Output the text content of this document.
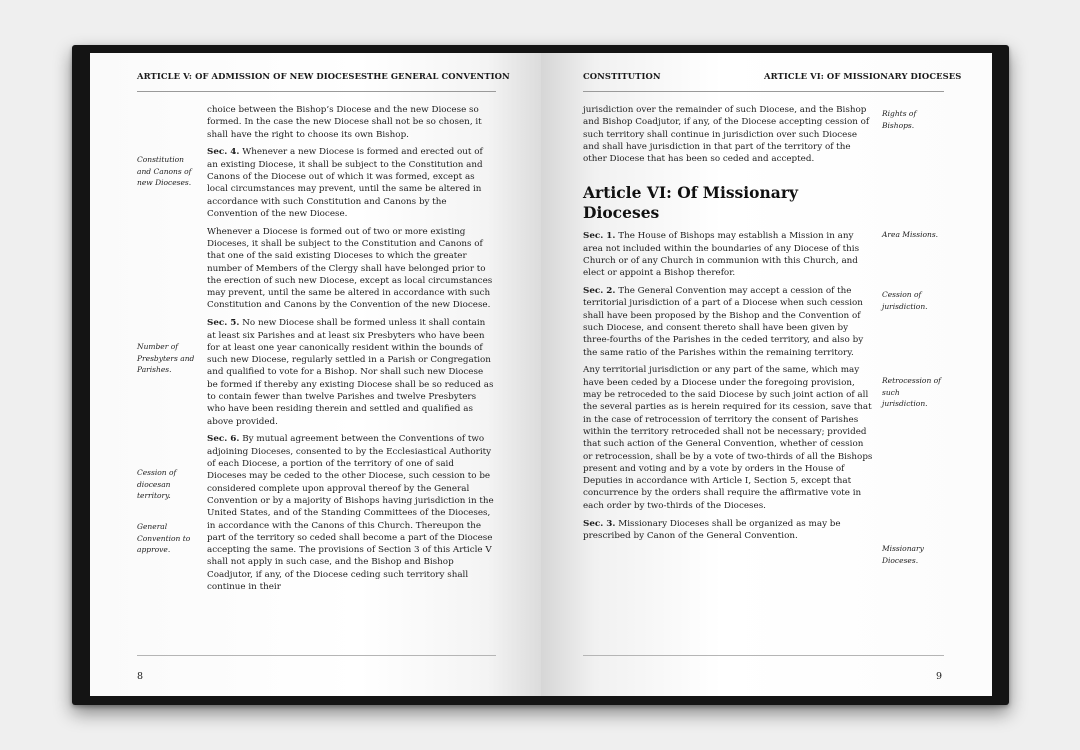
ARTICLE V: OF ADMISSION OF NEW DIOCESES THE GENERAL CONVENTION
Constitution and Canons of new Dioceses.
Number of Presbyters and Parishes.
Cession of diocesan territory.
General Convention to approve.

choice between the Bishop’s Diocese and the new Diocese so formed. In the case the new Diocese shall not be so chosen, it shall have the right to choose its own Bishop.

Sec. 4. Whenever a new Diocese is formed and erected out of an existing Diocese, it shall be subject to the Constitution and Canons of the Diocese out of which it was formed, except as local circumstances may prevent, until the same be altered in accordance with such Constitution and Canons by the Convention of the new Diocese.

Whenever a Diocese is formed out of two or more existing Dioceses, it shall be subject to the Constitution and Canons of that one of the said existing Dioceses to which the greater number of Members of the Clergy shall have belonged prior to the erection of such new Diocese, except as local circumstances may prevent, until the same be altered in accordance with such Constitution and Canons by the Convention of the new Diocese.

Sec. 5. No new Diocese shall be formed unless it shall contain at least six Parishes and at least six Presbyters who have been for at least one year canonically resident within the bounds of such new Diocese, regularly settled in a Parish or Congregation and qualified to vote for a Bishop. Nor shall such new Diocese be formed if thereby any existing Diocese shall be so reduced as to contain fewer than twelve Parishes and twelve Presbyters who have been residing therein and settled and qualified as above provided.

Sec. 6. By mutual agreement between the Conventions of two adjoining Dioceses, consented to by the Ecclesiastical Authority of each Diocese, a portion of the territory of one of said Dioceses may be ceded to the other Diocese, such cession to be considered complete upon approval thereof by the General Convention or by a majority of Bishops having jurisdiction in the United States, and of the Standing Committees of the Dioceses, in accordance with the Canons of this Church. Thereupon the part of the territory so ceded shall become a part of the Diocese accepting the same. The provisions of Section 3 of this Article V shall not apply in such case, and the Bishop and Bishop Coadjutor, if any, of the Diocese ceding such territory shall continue in their

8
CONSTITUTION	ARTICLE VI: OF MISSIONARY DIOCESES
Rights of Bishops.
Area Missions.
Cession of jurisdiction.
Retrocession of such jurisdiction.
Missionary Dioceses.

jurisdiction over the remainder of such Diocese, and the Bishop and Bishop Coadjutor, if any, of the Diocese accepting cession of such territory shall continue in jurisdiction over such Diocese and shall have jurisdiction in that part of the territory of the other Diocese that has been so ceded and accepted.

Article VI: Of Missionary Dioceses

Sec. 1. The House of Bishops may establish a Mission in any area not included within the boundaries of any Diocese of this Church or of any Church in communion with this Church, and elect or appoint a Bishop therefor.

Sec. 2. The General Convention may accept a cession of the territorial jurisdiction of a part of a Diocese when such cession shall have been proposed by the Bishop and the Convention of such Diocese, and consent thereto shall have been given by three-fourths of the Parishes in the ceded territory, and also by the same ratio of the Parishes within the remaining territory.

Any territorial jurisdiction or any part of the same, which may have been ceded by a Diocese under the foregoing provision, may be retroceded to the said Diocese by such joint action of all the several parties as is herein required for its cession, save that in the case of retrocession of territory the consent of Parishes within the territory retroceded shall not be necessary; provided that such action of the General Convention, whether of cession or retrocession, shall be by a vote of two-thirds of all the Bishops present and voting and by a vote by orders in the House of Deputies in accordance with Article I, Section 5, except that concurrence by the orders shall require the affirmative vote in each order by two-thirds of the Dioceses.

Sec. 3. Missionary Dioceses shall be organized as may be prescribed by Canon of the General Convention.

9
